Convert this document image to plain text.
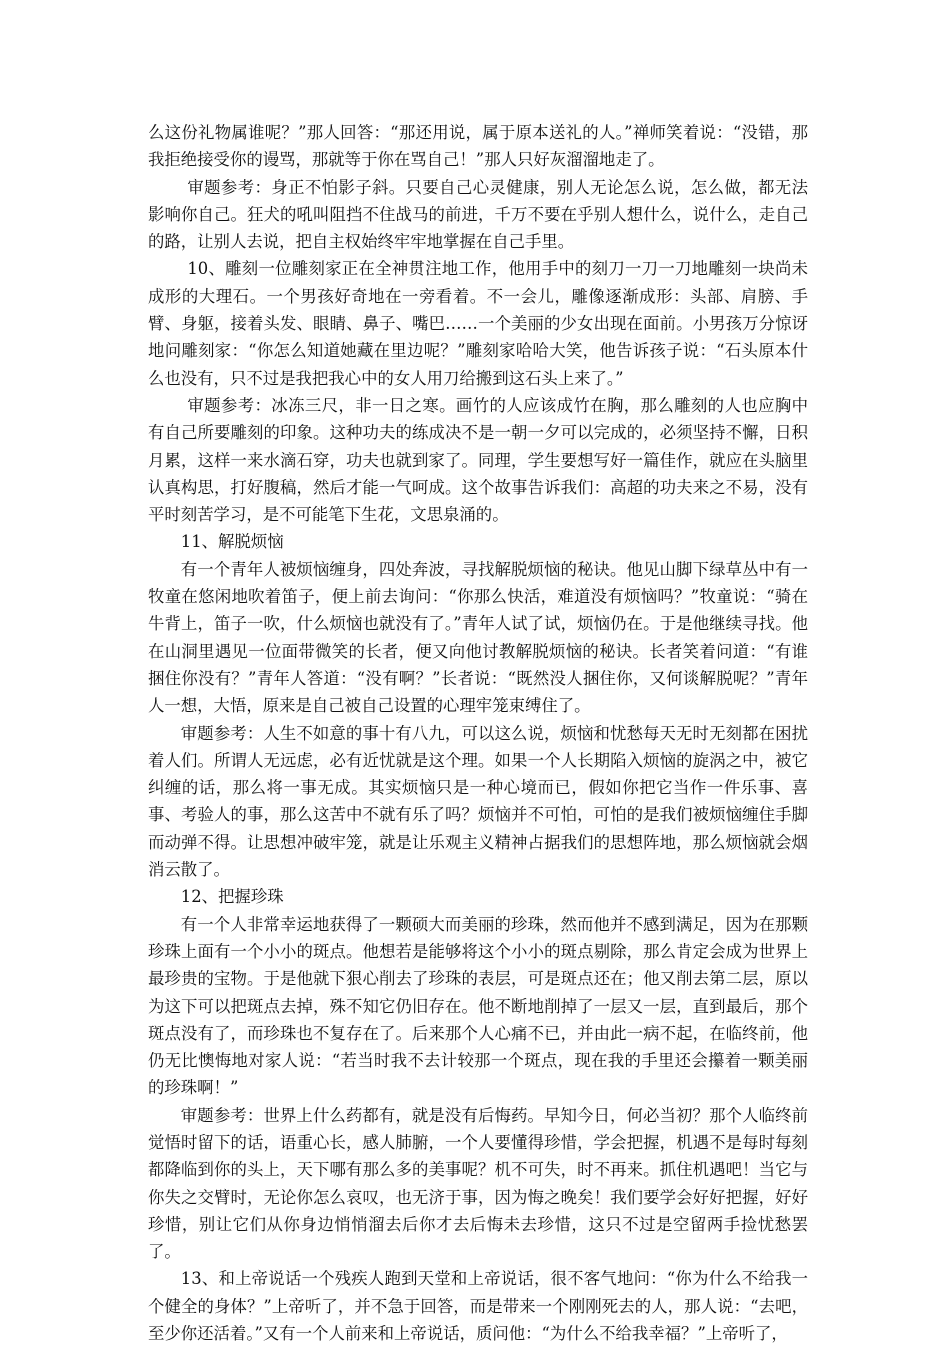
么这份礼物属谁呢？”那人回答：“那还用说，属于原本送礼的人。”禅师笑着说：“没错，那我拒绝接受你的谩骂，那就等于你在骂自己！”那人只好灰溜溜地走了。

审题参考：身正不怕影子斜。只要自己心灵健康，别人无论怎么说，怎么做，都无法影响你自己。狂犬的吼叫阻挡不住战马的前进，千万不要在乎别人想什么，说什么，走自己的路，让别人去说，把自主权始终牢牢地掌握在自己手里。

10、雕刻一位雕刻家正在全神贯注地工作，他用手中的刻刀一刀一刀地雕刻一块尚未成形的大理石。一个男孩好奇地在一旁看着。不一会儿，雕像逐渐成形：头部、肩膀、手臂、身躯，接着头发、眼睛、鼻子、嘴巴……一个美丽的少女出现在面前。小男孩万分惊讶地问雕刻家：“你怎么知道她藏在里边呢？”雕刻家哈哈大笑，他告诉孩子说：“石头原本什么也没有，只不过是我把我心中的女人用刀给搬到这石头上来了。”

审题参考：冰冻三尺，非一日之寒。画竹的人应该成竹在胸，那么雕刻的人也应胸中有自己所要雕刻的印象。这种功夫的练成决不是一朝一夕可以完成的，必须坚持不懈，日积月累，这样一来水滴石穿，功夫也就到家了。同理，学生要想写好一篇佳作，就应在头脑里认真构思，打好腹稿，然后才能一气呵成。这个故事告诉我们：高超的功夫来之不易，没有平时刻苦学习，是不可能笔下生花，文思泉涌的。

11、解脱烦恼

有一个青年人被烦恼缠身，四处奔波，寻找解脱烦恼的秘诀。他见山脚下绿草丛中有一牧童在悠闲地吹着笛子，便上前去询问：“你那么快活，难道没有烦恼吗？”牧童说：“骑在牛背上，笛子一吹，什么烦恼也就没有了。”青年人试了试，烦恼仍在。于是他继续寻找。他在山洞里遇见一位面带微笑的长者，便又向他讨教解脱烦恼的秘诀。长者笑着问道：“有谁捆住你没有？”青年人答道：“没有啊？”长者说：“既然没人捆住你，又何谈解脱呢？”青年人一想，大悟，原来是自己被自己设置的心理牢笼束缚住了。

审题参考：人生不如意的事十有八九，可以这么说，烦恼和忧愁每天无时无刻都在困扰着人们。所谓人无远虑，必有近忧就是这个理。如果一个人长期陷入烦恼的旋涡之中，被它纠缠的话，那么将一事无成。其实烦恼只是一种心境而已，假如你把它当作一件乐事、喜事、考验人的事，那么这苦中不就有乐了吗？烦恼并不可怕，可怕的是我们被烦恼缠住手脚而动弹不得。让思想冲破牢笼，就是让乐观主义精神占据我们的思想阵地，那么烦恼就会烟消云散了。

12、把握珍珠

有一个人非常幸运地获得了一颗硕大而美丽的珍珠，然而他并不感到满足，因为在那颗珍珠上面有一个小小的斑点。他想若是能够将这个小小的斑点剔除，那么肯定会成为世界上最珍贵的宝物。于是他就下狠心削去了珍珠的表层，可是斑点还在；他又削去第二层，原以为这下可以把斑点去掉，殊不知它仍旧存在。他不断地削掉了一层又一层，直到最后，那个斑点没有了，而珍珠也不复存在了。后来那个人心痛不已，并由此一病不起，在临终前，他仍无比懊悔地对家人说：“若当时我不去计较那一个斑点，现在我的手里还会攥着一颗美丽的珍珠啊！”

审题参考：世界上什么药都有，就是没有后悔药。早知今日，何必当初？那个人临终前觉悟时留下的话，语重心长，感人肺腑，一个人要懂得珍惜，学会把握，机遇不是每时每刻都降临到你的头上，天下哪有那么多的美事呢？机不可失，时不再来。抓住机遇吧！当它与你失之交臂时，无论你怎么哀叹，也无济于事，因为悔之晚矣！我们要学会好好把握，好好珍惜，别让它们从你身边悄悄溜去后你才去后悔未去珍惜，这只不过是空留两手捡忧愁罢了。

13、和上帝说话一个残疾人跑到天堂和上帝说话，很不客气地问：“你为什么不给我一个健全的身体？”上帝听了，并不急于回答，而是带来一个刚刚死去的人，那人说：“去吧，至少你还活着。”又有一个人前来和上帝说话，质问他：“为什么不给我幸福？”上帝听了，
